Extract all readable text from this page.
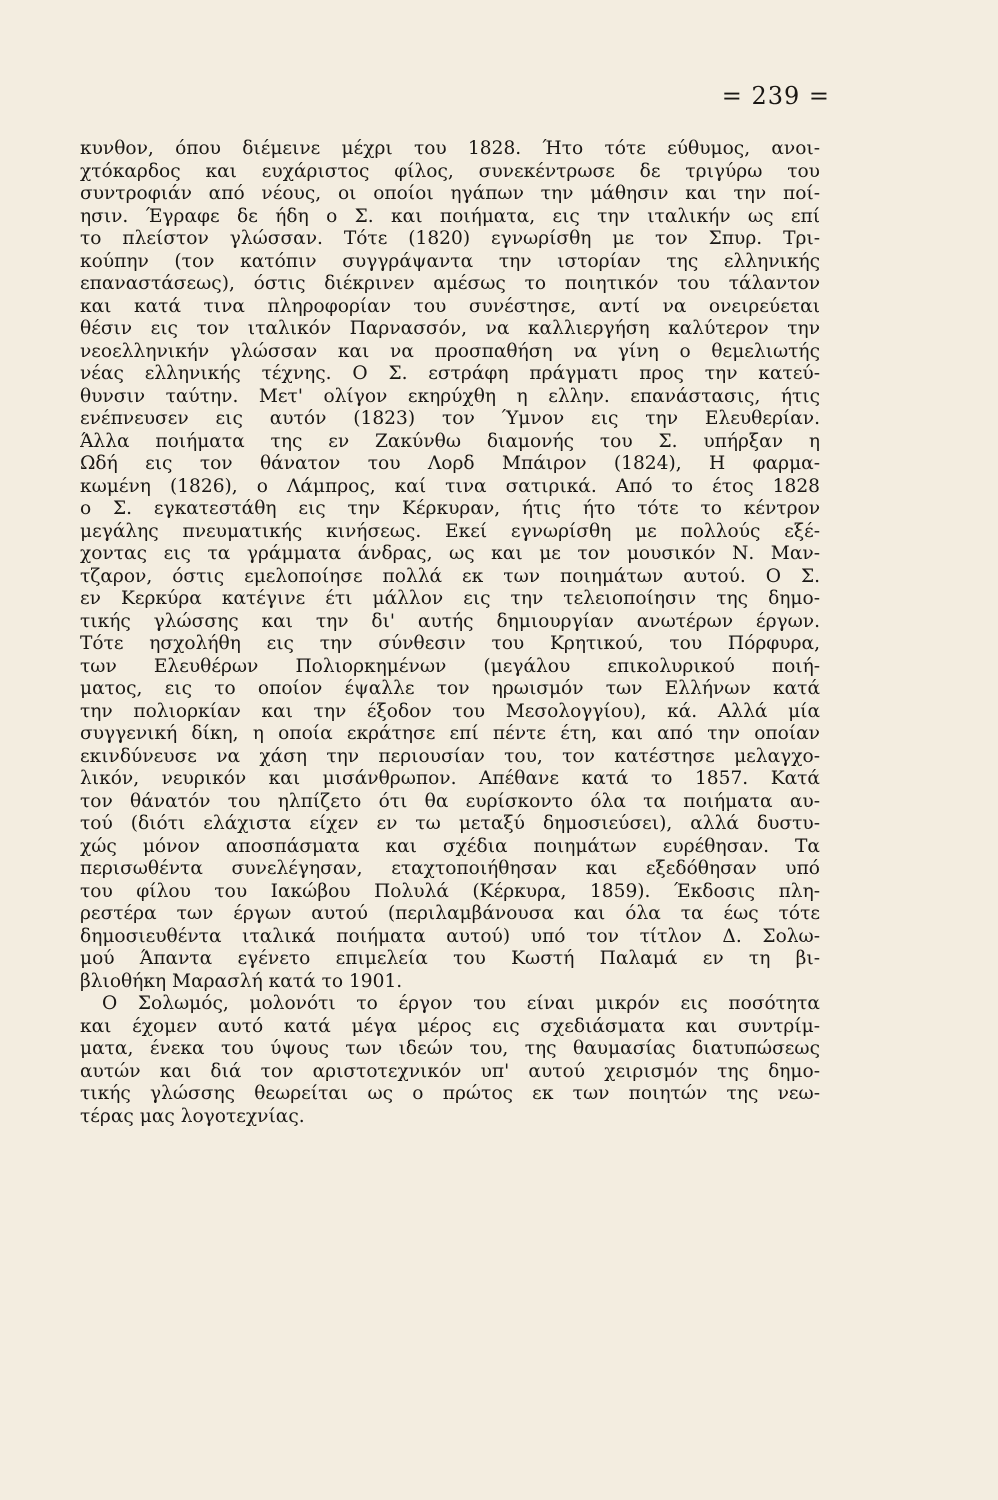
= 239 =
κυνθον, όπου διέμεινε μέχρι του 1828. Ήτο τότε εύθυμος, ανοι-
χτόκαρδος και ευχάριστος φίλος, συνεκέντρωσε δε τριγύρω του
συντροφιάν από νέους, οι οποίοι ηγάπων την μάθησιν και την ποί-
ησιν. Έγραφε δε ήδη ο Σ. και ποιήματα, εις την ιταλικήν ως επί
το πλείστον γλώσσαν. Τότε (1820) εγνωρίσθη με τον Σπυρ. Τρι-
κούπην (τον κατόπιν συγγράψαντα την ιστορίαν της ελληνικής
επαναστάσεως), όστις διέκρινεν αμέσως το ποιητικόν του τάλαντον
και κατά τινα πληροφορίαν του συνέστησε, αντί να ονειρεύεται
θέσιν εις τον ιταλικόν Παρνασσόν, να καλλιεργήση καλύτερον την
νεοελληνικήν γλώσσαν και να προσπαθήση να γίνη ο θεμελιωτής
νέας ελληνικής τέχνης. Ο Σ. εστράφη πράγματι προς την κατεύ-
θυνσιν ταύτην. Μετ' ολίγον εκηρύχθη η ελλην. επανάστασις, ήτις
ενέπνευσεν εις αυτόν (1823) τον Ύμνον εις την Ελευθερίαν.
Άλλα ποιήματα της εν Ζακύνθω διαμονής του Σ. υπήρξαν η
Ωδή εις τον θάνατον του Λορδ Μπάιρον (1824), Η φαρμα-
κωμένη (1826), ο Λάμπρος, καί τινα σατιρικά. Από το έτος 1828
ο Σ. εγκατεστάθη εις την Κέρκυραν, ήτις ήτο τότε το κέντρον
μεγάλης πνευματικής κινήσεως. Εκεί εγνωρίσθη με πολλούς εξέ-
χοντας εις τα γράμματα άνδρας, ως και με τον μουσικόν Ν. Μαν-
τζαρον, όστις εμελοποίησε πολλά εκ των ποιημάτων αυτού. Ο Σ.
εν Κερκύρα κατέγινε έτι μάλλον εις την τελειοποίησιν της δημο-
τικής γλώσσης και την δι' αυτής δημιουργίαν ανωτέρων έργων.
Τότε ησχολήθη εις την σύνθεσιν του Κρητικού, του Πόρφυρα,
των Ελευθέρων Πολιορκημένων (μεγάλου επικολυρικού ποιή-
ματος, εις το οποίον έψαλλε τον ηρωισμόν των Ελλήνων κατά
την πολιορκίαν και την έξοδον του Μεσολογγίου), κά. Αλλά μία
συγγενική δίκη, η οποία εκράτησε επί πέντε έτη, και από την οποίαν
εκινδύνευσε να χάση την περιουσίαν του, τον κατέστησε μελαγχο-
λικόν, νευρικόν και μισάνθρωπον. Απέθανε κατά το 1857. Κατά
τον θάνατόν του ηλπίζετο ότι θα ευρίσκοντο όλα τα ποιήματα αυ-
τού (διότι ελάχιστα είχεν εν τω μεταξύ δημοσιεύσει), αλλά δυστυ-
χώς μόνον αποσπάσματα και σχέδια ποιημάτων ευρέθησαν. Τα
περισωθέντα συνελέγησαν, εταχτοποιήθησαν και εξεδόθησαν υπό
του φίλου του Ιακώβου Πολυλά (Κέρκυρα, 1859). Έκδοσις πλη-
ρεστέρα των έργων αυτού (περιλαμβάνουσα και όλα τα έως τότε
δημοσιευθέντα ιταλικά ποιήματα αυτού) υπό τον τίτλον Δ. Σολω-
μού Άπαντα εγένετο επιμελεία του Κωστή Παλαμά εν τη βι-
βλιοθήκη Μαρασλή κατά το 1901.
Ο Σολωμός, μολονότι το έργον του είναι μικρόν εις ποσότητα
και έχομεν αυτό κατά μέγα μέρος εις σχεδιάσματα και συντρίμ-
ματα, ένεκα του ύψους των ιδεών του, της θαυμασίας διατυπώσεως
αυτών και διά τον αριστοτεχνικόν υπ' αυτού χειρισμόν της δημο-
τικής γλώσσης θεωρείται ως ο πρώτος εκ των ποιητών της νεω-
τέρας μας λογοτεχνίας.
